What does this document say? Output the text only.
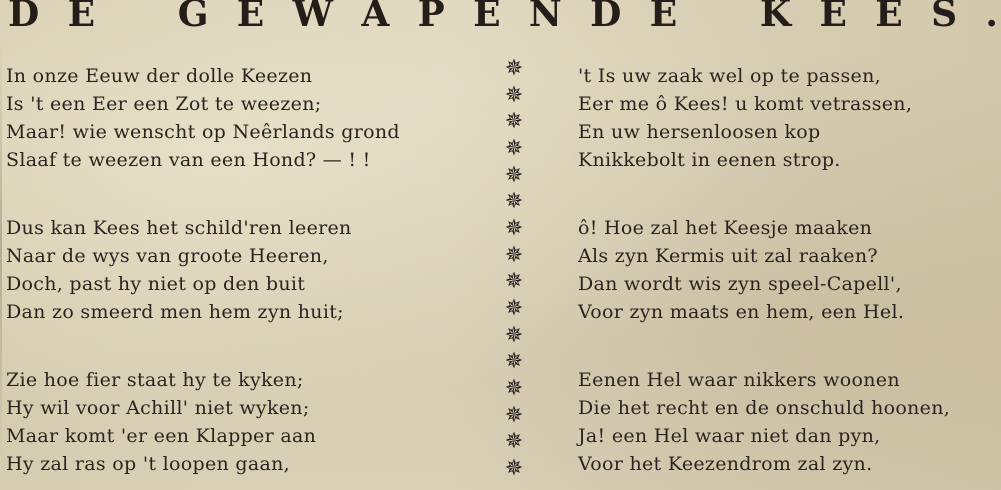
D E G E W A P E N D E K E E S .
In onze Eeuw der dolle Keezen
Is 't een Eer een Zot te weezen;
Maar! wie wenscht op Neêrlands grond
Slaaf te weezen van een Hond? — ! !
Dus kan Kees het schild'ren leeren
Naar de wys van groote Heeren,
Doch, past hy niet op den buit
Dan zo smeerd men hem zyn huit;
Zie hoe fier staat hy te kyken;
Hy wil voor Achill' niet wyken;
Maar komt 'er een Klapper aan
Hy zal ras op 't loopen gaan,
✵
✵
✵
✵
✵
✵
✵
✵
✵
✵
✵
✵
✵
✵
✵
✵
't Is uw zaak wel op te passen,
Eer me ô Kees! u komt vetrassen,
En uw hersenloosen kop
Knikkebolt in eenen strop.
ô! Hoe zal het Keesje maaken
Als zyn Kermis uit zal raaken?
Dan wordt wis zyn speel-Capell',
Voor zyn maats en hem, een Hel.
Eenen Hel waar nikkers woonen
Die het recht en de onschuld hoonen,
Ja! een Hel waar niet dan pyn,
Voor het Keezendrom zal zyn.
